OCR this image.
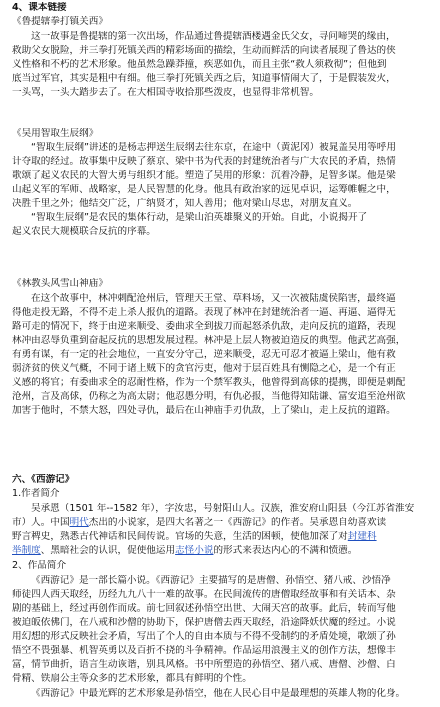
4、课本链接
《鲁提辖拳打镇关西》
这一故事是鲁提辖的第一次出场，作品通过鲁提辖酒楼遇金氏父女，寻问啼哭的缘由，
救助父女脱险，并三拳打死镇关西的精彩场面的描绘，生动而鲜活的向读者展现了鲁达的侠
义性格和不朽的艺术形象。他虽然急躁莽撞，疾恶如仇，而且主张“救人须救彻”；但他到
底当过军官，其实是粗中有细。他三拳打死镇关西之后，知道事情闹大了，于是假装发火，
一头骂，一头大踏步去了。在大相国寺收拾那些泼皮，也显得非常机智。
《吴用智取生辰纲》
“智取生辰纲”讲述的是杨志押送生辰纲去往东京，在途中（黄泥冈）被晁盖吴用等呼用
计夺取的经过。故事集中反映了蔡京、梁中书为代表的封建统治者与广大农民的矛盾，热情
歌颂了起义农民的大智大勇与组织才能。塑造了吴用的形象：沉着冷静，足智多谋。他是梁
山起义军的军师、战略家，是人民智慧的化身。他具有政治家的远见卓识，运筹帷幄之中，
决胜千里之外；他结交广泛，广纳贤才，知人善用；他对梁山尽忠，对朋友直义。
“智取生辰纲”是农民的集体行动，是梁山泊英雄聚义的开始。自此，小说揭开了
起义农民大规模联合反抗的序幕。
《林教头风雪山神庙》
在这个故事中，林冲刺配沧州后，管理天王堂、草料场，又一次被陆虞侯陷害，最终逼
得他走投无路，不得不走上杀人报仇的道路。表现了林冲在封建统治者一逼、再逼、逼得无
路可走的情况下，终于由逆来顺受、委曲求全到拔刀而起怒杀仇敌，走向反抗的道路，表现
林冲由忍辱负重到奋起反抗的思想发展过程。林冲是上层人物被迫造反的典型。他武艺高强，
有勇有谋，有一定的社会地位，一直安分守己，逆来顺受，忍无可忍才被逼上梁山，他有救
弱济贫的侠义气概，不同于诸上贼下的贪官污吏，他对于层百姓具有恻隐之心，是一个有正
义感的将官；有委曲求全的忍耐性格，作为一个禁军教头，他曾得到高俅的提携，即便是刺配
沧州，言及高俅，仍称之为高太尉；他忍愚分明，有仇必报，当他得知陆谦、富安追至沧州欲
加害于他时，不禁大怒，四处寻仇，最后在山神庙手刃仇敌，上了梁山，走上反抗的道路。
六、《西游记》
1.作者简介
吴承恩（1501 年--1582 年），字汝忠，号射阳山人。汉族，淮安府山阳县（今江苏省淮安
市）人。中国明代杰出的小说家，是四大名著之一《西游记》的作者。吴承恩自幼喜欢读
野言稗史，熟悉古代神话和民间传说。官场的失意，生活的困顿，使他加深了对封建科
举制度、黑暗社会的认识，促使他运用志怪小说的形式来表达内心的不满和愤懑。
2、作品简介
《西游记》是一部长篇小说。《西游记》主要描写的是唐僧、孙悟空、猪八戒、沙悟净
师徒四人西天取经，历经九九八十一难的故事。在民间流传的唐僧取经故事和有关话本、杂
剧的基础上，经过再创作而成。前七回叙述孙悟空出世、大闹天宫的故事。此后，转而写他
被迫皈依佛门，在八戒和沙僧的协助下，保护唐僧去西天取经，沿途降妖伏魔的经过。小说
用幻想的形式反映社会矛盾，写出了个人的自由本质与不得不受制约的矛盾处境，歌颂了孙
悟空不畏强暴、机智英勇以及百折不挠的斗争精神。作品运用浪漫主义的创作方法，想像丰
富，情节曲折，语言生动诙谐，别具风格。书中所塑造的孙悟空、猪八戒、唐僧、沙僧、白
骨精、铁扇公主等众多的艺术形象，都具有鲜明的个性。
《西游记》中最光辉的艺术形象是孙悟空，他在人民心目中是最理想的英雄人物的化身。
